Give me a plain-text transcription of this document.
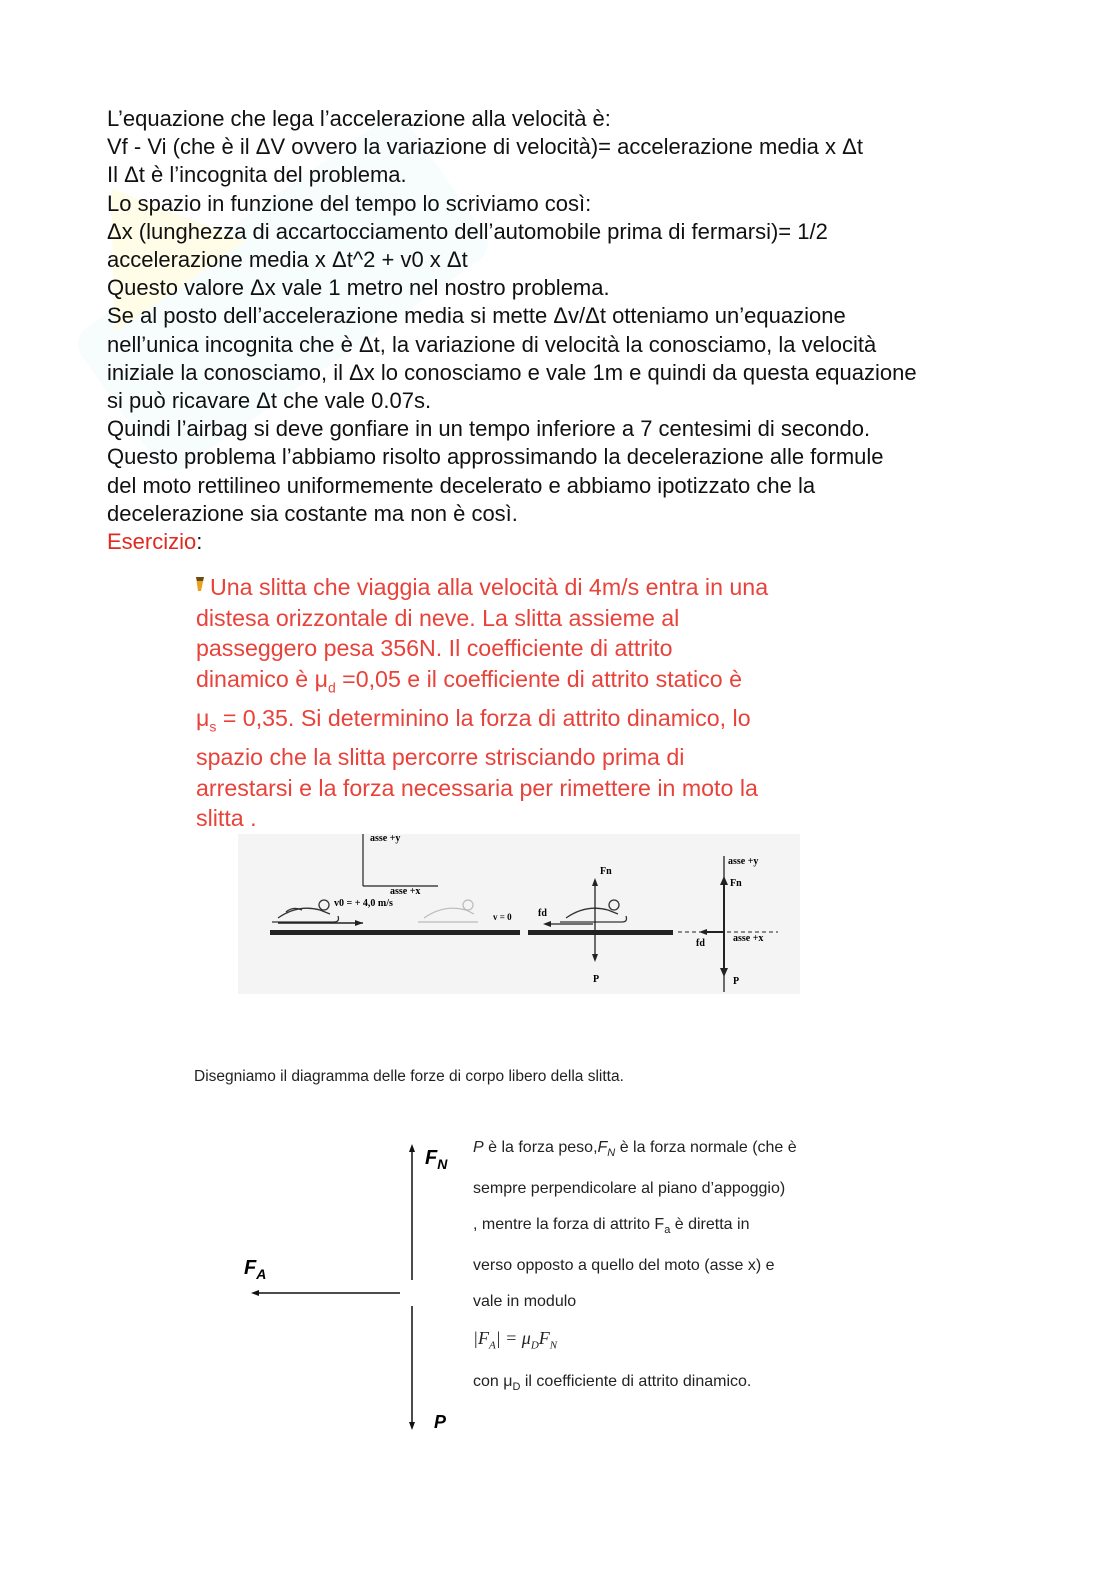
L’equazione che lega l’accelerazione alla velocità è:
Vf - Vi (che è il ΔV ovvero la variazione di velocità)= accelerazione media x Δt
Il Δt è l’incognita del problema.
Lo spazio in funzione del tempo lo scriviamo così:
Δx (lunghezza di accartocciamento dell’automobile prima di fermarsi)= 1/2
accelerazione media x Δt^2 + v0 x Δt
Questo valore Δx vale 1 metro nel nostro problema.
Se al posto dell’accelerazione media si mette Δv/Δt otteniamo un’equazione
nell’unica incognita che è Δt, la variazione di velocità la conosciamo, la velocità
iniziale la conosciamo, il Δx lo conosciamo e vale 1m e quindi da questa equazione
si può ricavare Δt che vale 0.07s.
Quindi l’airbag si deve gonfiare in un tempo inferiore a 7 centesimi di secondo.
Questo problema l’abbiamo risolto approssimando la decelerazione alle formule
del moto rettilineo uniformemente decelerato e abbiamo ipotizzato che la
decelerazione sia costante ma non è così.
Esercizio:
Una slitta che viaggia alla velocità di 4m/s entra in una
distesa orizzontale di neve. La slitta assieme al
passeggero pesa 356N. Il coefficiente di attrito
dinamico è $\mu_d =0,05$ e il coefficiente di attrito statico è
$\mu_s = 0,35$. Si determinino la forza di attrito dinamico, lo
spazio che la slitta percorre strisciando prima di
arrestarsi e la forza necessaria per rimettere in moto la
slitta .
asse +y
asse +x
v0 = + 4,0 m/s
v = 0
Fn
fd
P
asse +y
Fn
fd	asse +x
P
Disegniamo il diagramma delle forze di corpo libero della slitta.
$F_N$
$F_A$
P
P è la forza $peso,F_N$ è la forza normale (che è
sempre perpendicolare al piano d’appoggio)
, mentre la forza di attrito $F_a$ è diretta in
verso opposto a quello del moto (asse x) e
vale in modulo
$|F_A| = \mu_DF_N$
con $\mu_D$ il coefficiente di attrito dinamico.
